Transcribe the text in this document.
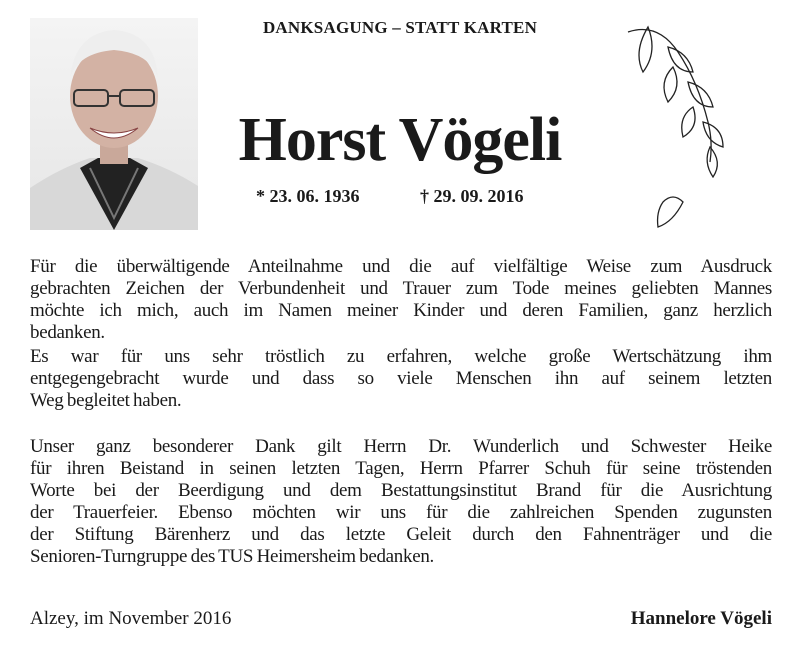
DANKSAGUNG – STATT KARTEN
Horst Vögeli
* 23. 06. 1936	† 29. 09. 2016
Für die überwältigende Anteilnahme und die auf vielfältige Weise zum Ausdruck
gebrachten Zeichen der Verbundenheit und Trauer zum Tode meines geliebten Mannes
möchte ich mich, auch im Namen meiner Kinder und deren Familien, ganz herzlich
bedanken.
Es war für uns sehr tröstlich zu erfahren, welche große Wertschätzung ihm
entgegengebracht wurde und dass so viele Menschen ihn auf seinem letzten
Weg begleitet haben.
Unser ganz besonderer Dank gilt Herrn Dr. Wunderlich und Schwester Heike
für ihren Beistand in seinen letzten Tagen, Herrn Pfarrer Schuh für seine tröstenden
Worte bei der Beerdigung und dem Bestattungsinstitut Brand für die Ausrichtung
der Trauerfeier. Ebenso möchten wir uns für die zahlreichen Spenden zugunsten
der Stiftung Bärenherz und das letzte Geleit durch den Fahnenträger und die
Senioren-Turngruppe des TUS Heimersheim bedanken.
Alzey, im November 2016	Hannelore Vögeli
